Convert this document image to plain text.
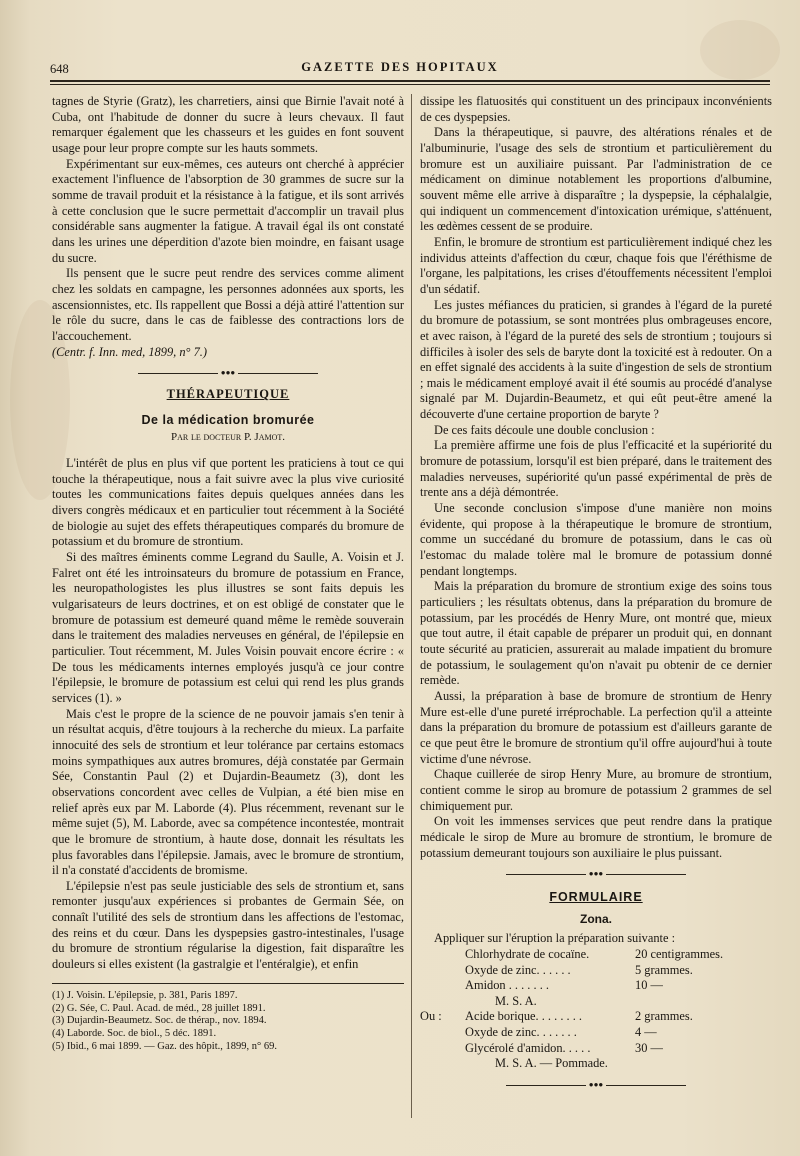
648	GAZETTE DES HOPITAUX

tagnes de Styrie (Gratz), les charretiers, ainsi que Birnie l'avait noté à Cuba, ont l'habitude de donner du sucre à leurs chevaux. Il faut remarquer également que les chasseurs et les guides en font souvent usage pour leur propre compte sur les hauts sommets.

Expérimentant sur eux-mêmes, ces auteurs ont cherché à apprécier exactement l'influence de l'absorption de 30 grammes de sucre sur la somme de travail produit et la résistance à la fatigue, et ils sont arrivés à cette conclusion que le sucre permettait d'accomplir un travail plus considérable sans augmenter la fatigue. A travail égal ils ont constaté dans les urines une déperdition d'azote bien moindre, en faisant usage du sucre.

Ils pensent que le sucre peut rendre des services comme aliment chez les soldats en campagne, les personnes adonnées aux sports, les ascensionnistes, etc. Ils rappellent que Bossi a déjà attiré l'attention sur le rôle du sucre, dans le cas de faiblesse des contractions lors de l'accouchement.

(Centr. f. Inn. med, 1899, n° 7.)

●●●
THÉRAPEUTIQUE
De la médication bromurée
Par le docteur P. Jamot.

L'intérêt de plus en plus vif que portent les praticiens à tout ce qui touche la thérapeutique, nous a fait suivre avec la plus vive curiosité toutes les communications faites depuis quelques années dans les divers congrès médicaux et en particulier tout récemment à la Société de biologie au sujet des effets thérapeutiques comparés du bromure de potassium et du bromure de strontium.

Si des maîtres éminents comme Legrand du Saulle, A. Voisin et J. Falret ont été les introinsateurs du bromure de potassium en France, les neuropathologistes les plus illustres se sont faits depuis les vulgarisateurs de leurs doctrines, et on est obligé de constater que le bromure de potassium est demeuré quand même le remède souverain dans le traitement des maladies nerveuses en général, de l'épilepsie en particulier. Tout récemment, M. Jules Voisin pouvait encore écrire : « De tous les médicaments internes employés jusqu'à ce jour contre l'épilepsie, le bromure de potassium est celui qui rend les plus grands services (1). »

Mais c'est le propre de la science de ne pouvoir jamais s'en tenir à un résultat acquis, d'être toujours à la recherche du mieux. La parfaite innocuité des sels de strontium et leur tolérance par certains estomacs moins sympathiques aux autres bromures, déjà constatée par Germain Sée, Constantin Paul (2) et Dujardin-Beaumetz (3), dont les observations concordent avec celles de Vulpian, a été bien mise en relief après eux par M. Laborde (4). Plus récemment, revenant sur le même sujet (5), M. Laborde, avec sa compétence incontestée, montrait que le bromure de strontium, à haute dose, donnait les résultats les plus favorables dans l'épilepsie. Jamais, avec le bromure de strontium, il n'a constaté d'accidents de bromisme.

L'épilepsie n'est pas seule justiciable des sels de strontium et, sans remonter jusqu'aux expériences si probantes de Germain Sée, on connaît l'utilité des sels de strontium dans les affections de l'estomac, des reins et du cœur. Dans les dyspepsies gastro-intestinales, l'usage du bromure de strontium régularise la digestion, fait disparaître les douleurs si elles existent (la gastralgie et l'entéralgie), et enfin

(1) J. Voisin. L'épilepsie, p. 381, Paris 1897.

(2) G. Sée, C. Paul. Acad. de méd., 28 juillet 1891.

(3) Dujardin-Beaumetz. Soc. de thérap., nov. 1894.

(4) Laborde. Soc. de biol., 5 déc. 1891.

(5) Ibid., 6 mai 1899. — Gaz. des hôpit., 1899, n° 69.

dissipe les flatuosités qui constituent un des principaux inconvénients de ces dyspepsies.

Dans la thérapeutique, si pauvre, des altérations rénales et de l'albuminurie, l'usage des sels de strontium et particulièrement du bromure est un auxiliaire puissant. Par l'administration de ce médicament on diminue notablement les proportions d'albumine, souvent même elle arrive à disparaître ; la dyspepsie, la céphalalgie, qui indiquent un commencement d'intoxication urémique, s'atténuent, les œdèmes cessent de se produire.

Enfin, le bromure de strontium est particulièrement indiqué chez les individus atteints d'affection du cœur, chaque fois que l'éréthisme de l'organe, les palpitations, les crises d'étouffements nécessitent l'emploi d'un sédatif.

Les justes méfiances du praticien, si grandes à l'égard de la pureté du bromure de potassium, se sont montrées plus ombrageuses encore, et avec raison, à l'égard de la pureté des sels de strontium ; toujours si difficiles à isoler des sels de baryte dont la toxicité est à redouter. On a en effet signalé des accidents à la suite d'ingestion de sels de strontium ; mais le médicament employé avait il été soumis au procédé d'analyse signalé par M. Dujardin-Beaumetz, et qui eût peut-être amené la découverte d'une certaine proportion de baryte ?

De ces faits découle une double conclusion :

La première affirme une fois de plus l'efficacité et la supériorité du bromure de potassium, lorsqu'il est bien préparé, dans le traitement des maladies nerveuses, supériorité qu'un passé expérimental de près de trente ans a déjà démontrée.

Une seconde conclusion s'impose d'une manière non moins évidente, qui propose à la thérapeutique le bromure de strontium, comme un succédané du bromure de potassium, dans le cas où l'estomac du malade tolère mal le bromure de potassium donné pendant longtemps.

Mais la préparation du bromure de strontium exige des soins tous particuliers ; les résultats obtenus, dans la préparation du bromure de potassium, par les procédés de Henry Mure, ont montré que, mieux que tout autre, il était capable de préparer un produit qui, en donnant toute sécurité au praticien, assurerait au malade impatient du bromure de potassium, le soulagement qu'on n'avait pu obtenir de ce dernier remède.

Aussi, la préparation à base de bromure de strontium de Henry Mure est-elle d'une pureté irréprochable. La perfection qu'il a atteinte dans la préparation du bromure de potassium est d'ailleurs garante de ce que peut être le bromure de strontium qu'il offre aujourd'hui à toute victime d'une névrose.

Chaque cuillerée de sirop Henry Mure, au bromure de strontium, contient comme le sirop au bromure de potassium 2 grammes de sel chimiquement pur.

On voit les immenses services que peut rendre dans la pratique médicale le sirop de Mure au bromure de strontium, le bromure de potassium demeurant toujours son auxiliaire le plus puissant.

●●●
FORMULAIRE
Zona.

Appliquer sur l'éruption la préparation suivante :

Chlorhydrate de cocaïne.	20 centigrammes.
Oxyde de zinc. . . . . .	5 grammes.
Amidon . . . . . . .	10 —
M. S. A.
Ou :	Acide borique. . . . . . . .	2 grammes.
Oxyde de zinc. . . . . . .	4 —
Glycérolé d'amidon. . . . .	30 —
M. S. A. — Pommade.
●●●
